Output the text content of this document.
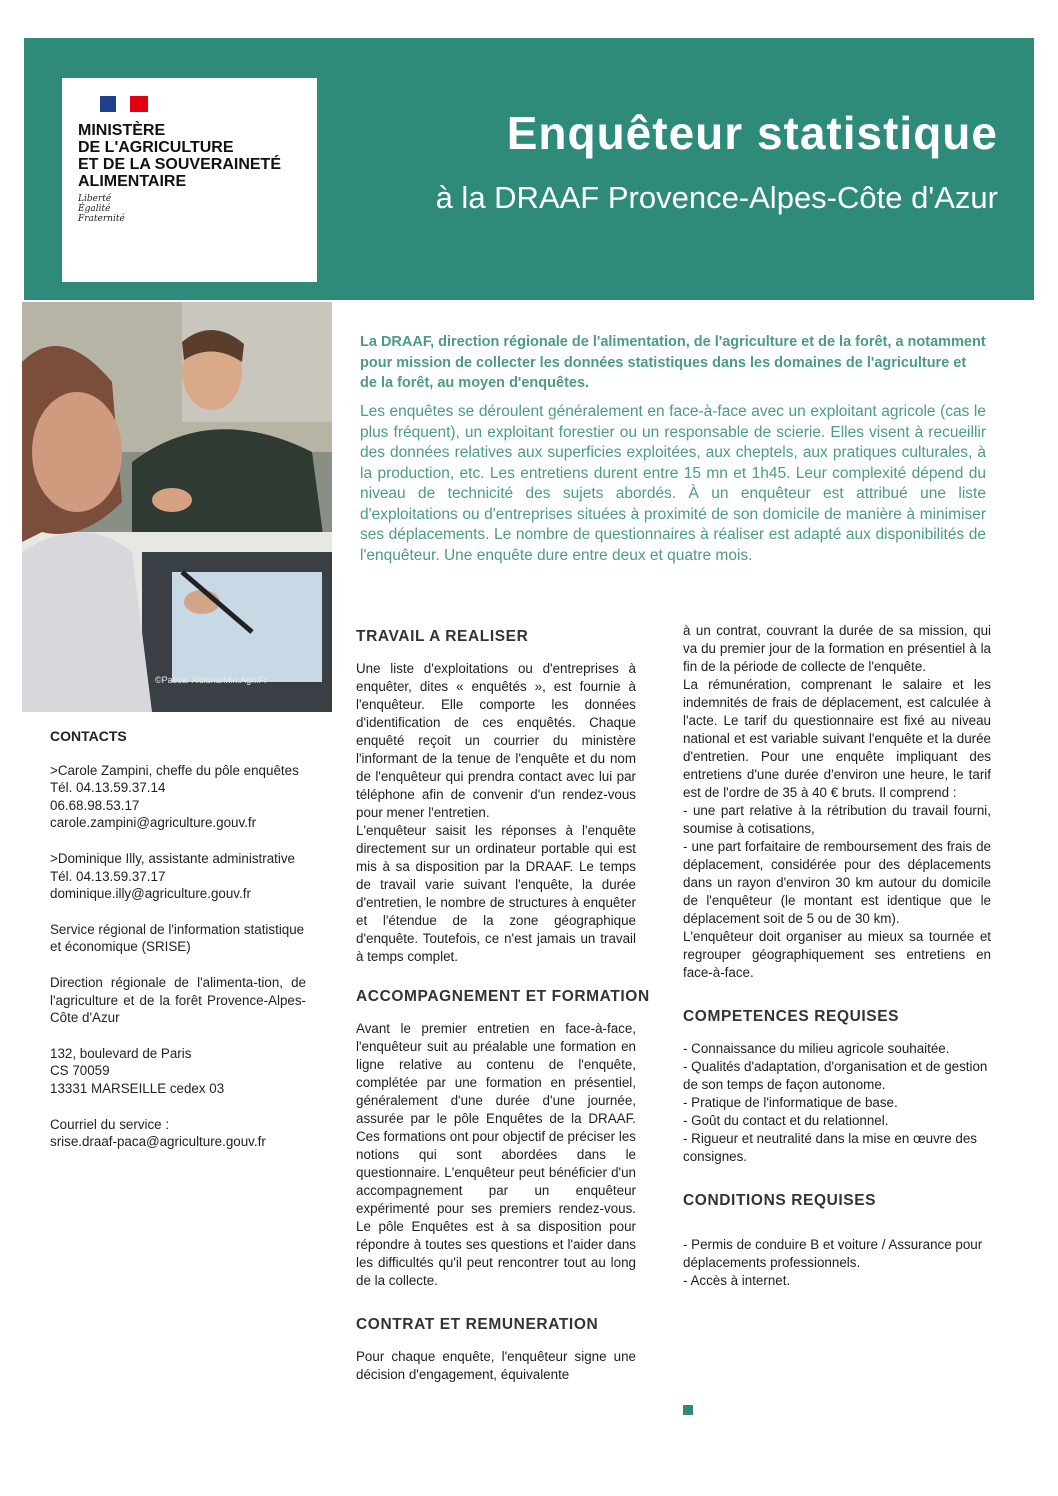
MINISTÈRE
DE L'AGRICULTURE
ET DE LA SOUVERAINETÉ
ALIMENTAIRE
Liberté
Égalité
Fraternité
Enquêteur statistique
à la DRAAF Provence-Alpes-Côte d'Azur
©Pascal Xicluna/Min.Agri.Fr
La DRAAF, direction régionale de l'alimentation, de l'agriculture et de la forêt, a notamment pour mission de collecter les données statistiques dans les domaines de l'agriculture et de la forêt, au moyen d'enquêtes.
Les enquêtes se déroulent généralement en face-à-face avec un exploitant agricole (cas le plus fréquent), un exploitant forestier ou un responsable de scierie. Elles visent à recueillir des données relatives aux superficies exploitées, aux cheptels, aux pratiques culturales, à la production, etc. Les entretiens durent entre 15 mn et 1h45. Leur complexité dépend du niveau de technicité des sujets abordés. À un enquêteur est attribué une liste d'exploitations ou d'entreprises situées à proximité de son domicile de manière à minimiser ses déplacements. Le nombre de questionnaires à réaliser est adapté aux disponibilités de l'enquêteur. Une enquête dure entre deux et quatre mois.
CONTACTS

>Carole Zampini, cheffe du pôle enquêtes

Tél. 04.13.59.37.14
06.68.98.53.17
carole.zampini@agriculture.gouv.fr

>Dominique Illy, assistante administrative

Tél. 04.13.59.37.17
dominique.illy@agriculture.gouv.fr

Service régional de l'information statistique et économique (SRISE)

Direction régionale de l'alimenta-tion, de l'agriculture et de la forêt Provence-Alpes-Côte d'Azur

132, boulevard de Paris
CS 70059
13331 MARSEILLE cedex 03

Courriel du service :
srise.draaf-paca@agriculture.gouv.fr

TRAVAIL A REALISER

Une liste d'exploitations ou d'entreprises à enquêter, dites « enquêtés », est fournie à l'enquêteur. Elle comporte les données d'identification de ces enquêtés. Chaque enquêté reçoit un courrier du ministère l'informant de la tenue de l'enquête et du nom de l'enquêteur qui prendra contact avec lui par téléphone afin de convenir d'un rendez-vous pour mener l'entretien.

L'enquêteur saisit les réponses à l'enquête directement sur un ordinateur portable qui est mis à sa disposition par la DRAAF. Le temps de travail varie suivant l'enquête, la durée d'entretien, le nombre de structures à enquêter et l'étendue de la zone géographique d'enquête. Toutefois, ce n'est jamais un travail à temps complet.

ACCOMPAGNEMENT ET FORMATION

Avant le premier entretien en face-à-face, l'enquêteur suit au préalable une formation en ligne relative au contenu de l'enquête, complétée par une formation en présentiel, généralement d'une durée d'une journée, assurée par le pôle Enquêtes de la DRAAF. Ces formations ont pour objectif de préciser les notions qui sont abordées dans le questionnaire. L'enquêteur peut bénéficier d'un accompagnement par un enquêteur expérimenté pour ses premiers rendez-vous. Le pôle Enquêtes est à sa disposition pour répondre à toutes ses questions et l'aider dans les difficultés qu'il peut rencontrer tout au long de la collecte.

CONTRAT ET REMUNERATION

Pour chaque enquête, l'enquêteur signe une décision d'engagement, équivalente

à un contrat, couvrant la durée de sa mission, qui va du premier jour de la formation en présentiel à la fin de la période de collecte de l'enquête.

La rémunération, comprenant le salaire et les indemnités de frais de déplacement, est calculée à l'acte. Le tarif du questionnaire est fixé au niveau national et est variable suivant l'enquête et la durée d'entretien. Pour une enquête impliquant des entretiens d'une durée d'environ une heure, le tarif est de l'ordre de 35 à 40 € bruts. Il comprend :

- une part relative à la rétribution du travail fourni, soumise à cotisations,

- une part forfaitaire de remboursement des frais de déplacement, considérée pour des déplacements dans un rayon d'environ 30 km autour du domicile de l'enquêteur (le montant est identique que le déplacement soit de 5 ou de 30 km).

L'enquêteur doit organiser au mieux sa tournée et regrouper géographiquement ses entretiens en face-à-face.

COMPETENCES REQUISES
- Connaissance du milieu agricole souhaitée.
- Qualités d'adaptation, d'organisation et de gestion de son temps de façon autonome.
- Pratique de l'informatique de base.
- Goût du contact et du relationnel.
- Rigueur et neutralité dans la mise en œuvre des consignes.
CONDITIONS REQUISES
- Permis de conduire B et voiture / Assurance pour déplacements professionnels.
- Accès à internet.
